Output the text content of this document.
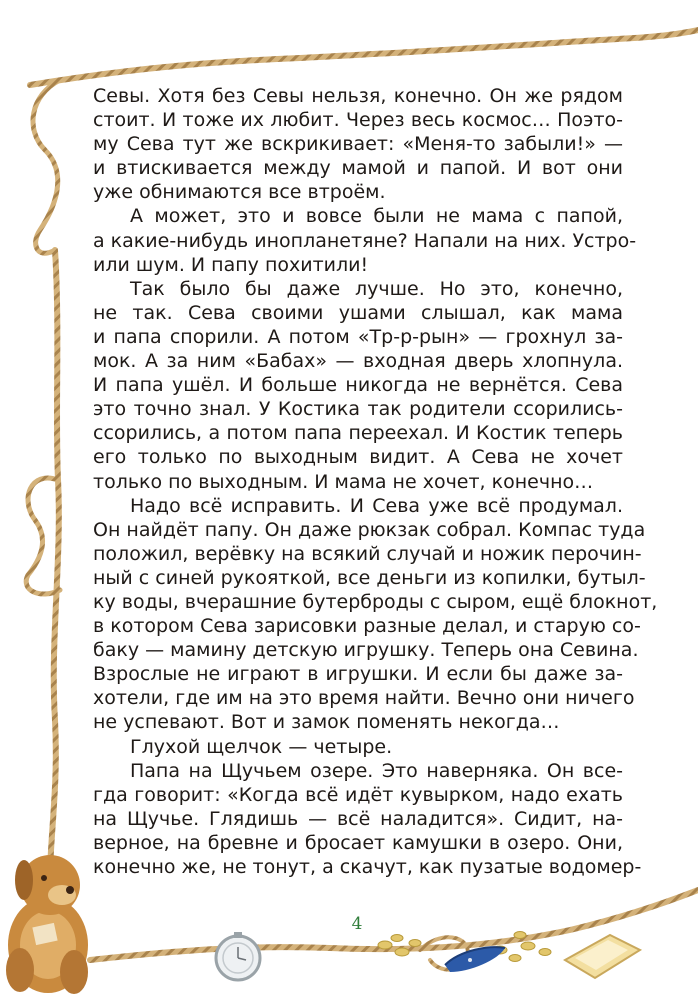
Севы. Хотя без Севы нельзя, конечно. Он же рядом
стоит. И тоже их любит. Через весь космос… Поэто-
му Сева тут же вскрикивает: «Меня-то забыли!» —
и втискивается между мамой и папой. И вот они
уже обнимаются все втроём.
А может, это и вовсе были не мама с папой,
а какие-нибудь инопланетяне? Напали на них. Устро-
или шум. И папу похитили!
Так было бы даже лучше. Но это, конечно,
не так. Сева своими ушами слышал, как мама
и папа спорили. А потом «Тр-р-рын» — грохнул за-
мок. А за ним «Бабах» — входная дверь хлопнула.
И папа ушёл. И больше никогда не вернётся. Сева
это точно знал. У Костика так родители ссорились-
ссорились, а потом папа переехал. И Костик теперь
его только по выходным видит. А Сева не хочет
только по выходным. И мама не хочет, конечно…
Надо всё исправить. И Сева уже всё продумал.
Он найдёт папу. Он даже рюкзак собрал. Компас туда
положил, верёвку на всякий случай и ножик перочин-
ный с синей рукояткой, все деньги из копилки, бутыл-
ку воды, вчерашние бутерброды с сыром, ещё блокнот,
в котором Сева зарисовки разные делал, и старую со-
баку — мамину детскую игрушку. Теперь она Севина.
Взрослые не играют в игрушки. И если бы даже за-
хотели, где им на это время найти. Вечно они ничего
не успевают. Вот и замок поменять некогда…
Глухой щелчок — четыре.
Папа на Щучьем озере. Это наверняка. Он все-
гда говорит: «Когда всё идёт кувырком, надо ехать
на Щучье. Глядишь — всё наладится». Сидит, на-
верное, на бревне и бросает камушки в озеро. Они,
конечно же, не тонут, а скачут, как пузатые водомер-
4
